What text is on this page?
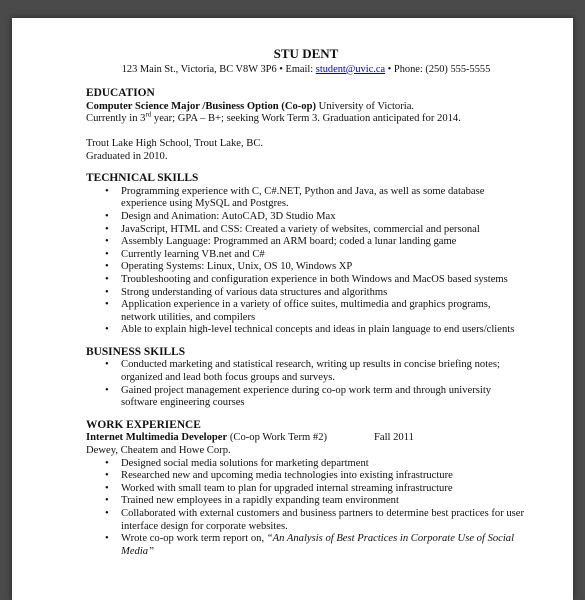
STU DENT
123 Main St., Victoria, BC V8W 3P6 • Email: student@uvic.ca • Phone: (250) 555-5555
EDUCATION
Computer Science Major /Business Option (Co-op) University of Victoria.
Currently in 3rd year; GPA – B+; seeking Work Term 3. Graduation anticipated for 2014.
Trout Lake High School, Trout Lake, BC.
Graduated in 2010.
TECHNICAL SKILLS
• Programming experience with C, C#.NET, Python and Java, as well as some database experience using MySQL and Postgres.
• Design and Animation: AutoCAD, 3D Studio Max
• JavaScript, HTML and CSS: Created a variety of websites, commercial and personal
• Assembly Language: Programmed an ARM board; coded a lunar landing game
• Currently learning VB.net and C#
• Operating Systems: Linux, Unix, OS 10, Windows XP
• Troubleshooting and configuration experience in both Windows and MacOS based systems
• Strong understanding of various data structures and algorithms
• Application experience in a variety of office suites, multimedia and graphics programs, network utilities, and compilers
• Able to explain high-level technical concepts and ideas in plain language to end users/clients
BUSINESS SKILLS
• Conducted marketing and statistical research, writing up results in concise briefing notes; organized and lead both focus groups and surveys.
• Gained project management experience during co-op work term and through university software engineering courses
WORK EXPERIENCE
Internet Multimedia Developer (Co-op Work Term #2)	Fall 2011
Dewey, Cheatem and Howe Corp.
• Designed social media solutions for marketing department
• Researched new and upcoming media technologies into existing infrastructure
• Worked with small team to plan for upgraded internal streaming infrastructure
• Trained new employees in a rapidly expanding team environment
• Collaborated with external customers and business partners to determine best practices for user interface design for corporate websites.
• Wrote co-op work term report on, “An Analysis of Best Practices in Corporate Use of Social Media”
